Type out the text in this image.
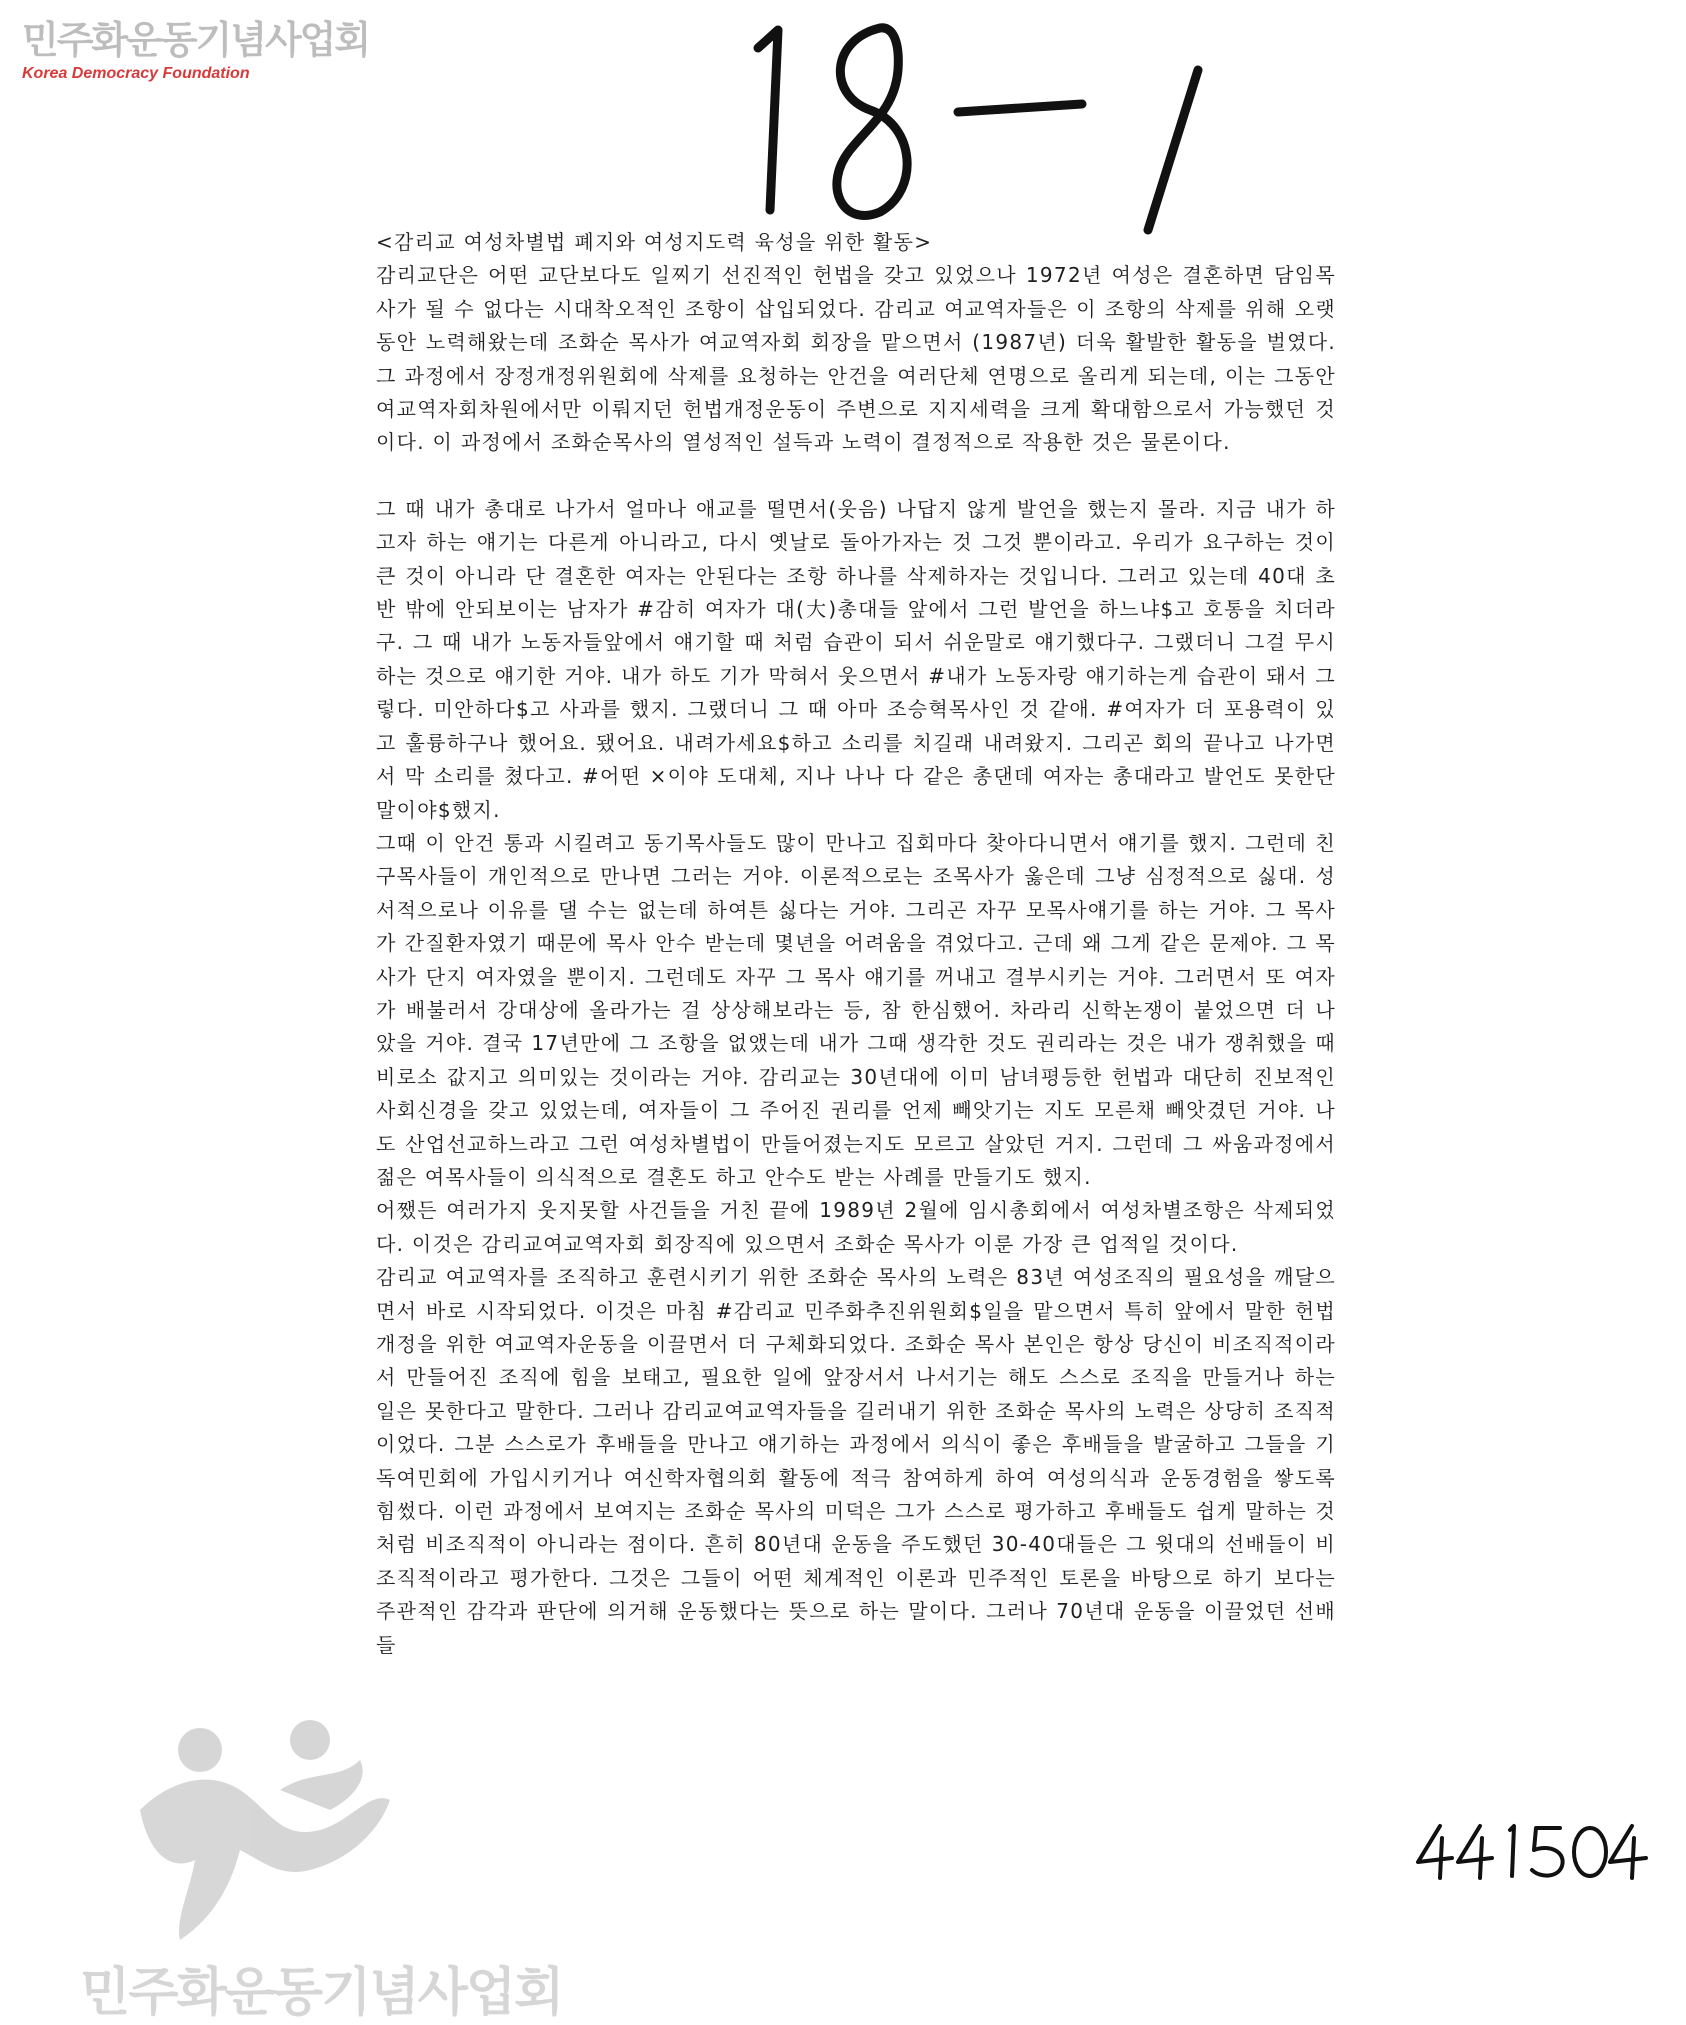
민주화운동기념사업회
Korea Democracy Foundation

<감리교 여성차별법 폐지와 여성지도력 육성을 위한 활동>

감리교단은 어떤 교단보다도 일찌기 선진적인 헌법을 갖고 있었으나 1972년 여성은 결혼하면 담임목사가 될 수 없다는 시대착오적인 조항이 삽입되었다. 감리교 여교역자들은 이 조항의 삭제를 위해 오랫동안 노력해왔는데 조화순 목사가 여교역자회 회장을 맡으면서 (1987년) 더욱 활발한 활동을 벌였다. 그 과정에서 장정개정위원회에 삭제를 요청하는 안건을 여러단체 연명으로 올리게 되는데, 이는 그동안 여교역자회차원에서만 이뤄지던 헌법개정운동이 주변으로 지지세력을 크게 확대함으로서 가능했던 것이다. 이 과정에서 조화순목사의 열성적인 설득과 노력이 결정적으로 작용한 것은 물론이다.

그 때 내가 총대로 나가서 얼마나 애교를 떨면서(웃음) 나답지 않게 발언을 했는지 몰라. 지금 내가 하고자 하는 얘기는 다른게 아니라고, 다시 옛날로 돌아가자는 것 그것 뿐이라고. 우리가 요구하는 것이 큰 것이 아니라 단 결혼한 여자는 안된다는 조항 하나를 삭제하자는 것입니다. 그러고 있는데 40대 초반 밖에 안되보이는 남자가 #감히 여자가 대(大)총대들 앞에서 그런 발언을 하느냐$고 호통을 치더라구. 그 때 내가 노동자들앞에서 얘기할 때 처럼 습관이 되서 쉬운말로 얘기했다구. 그랬더니 그걸 무시하는 것으로 얘기한 거야. 내가 하도 기가 막혀서 웃으면서 #내가 노동자랑 얘기하는게 습관이 돼서 그렇다. 미안하다$고 사과를 했지. 그랬더니 그 때 아마 조승혁목사인 것 같애. #여자가 더 포용력이 있고 훌륭하구나 했어요. 됐어요. 내려가세요$하고 소리를 치길래 내려왔지. 그리곤 회의 끝나고 나가면서 막 소리를 쳤다고. #어떤 ×이야 도대체, 지나 나나 다 같은 총댄데 여자는 총대라고 발언도 못한단 말이야$했지.

그때 이 안건 통과 시킬려고 동기목사들도 많이 만나고 집회마다 찾아다니면서 얘기를 했지. 그런데 친구목사들이 개인적으로 만나면 그러는 거야. 이론적으로는 조목사가 옳은데 그냥 심정적으로 싫대. 성서적으로나 이유를 댈 수는 없는데 하여튼 싫다는 거야. 그리곤 자꾸 모목사얘기를 하는 거야. 그 목사가 간질환자였기 때문에 목사 안수 받는데 몇년을 어려움을 겪었다고. 근데 왜 그게 같은 문제야. 그 목사가 단지 여자였을 뿐이지. 그런데도 자꾸 그 목사 얘기를 꺼내고 결부시키는 거야. 그러면서 또 여자가 배불러서 강대상에 올라가는 걸 상상해보라는 등, 참 한심했어. 차라리 신학논쟁이 붙었으면 더 나았을 거야. 결국 17년만에 그 조항을 없앴는데 내가 그때 생각한 것도 권리라는 것은 내가 쟁취했을 때 비로소 값지고 의미있는 것이라는 거야. 감리교는 30년대에 이미 남녀평등한 헌법과 대단히 진보적인 사회신경을 갖고 있었는데, 여자들이 그 주어진 권리를 언제 빼앗기는 지도 모른채 빼앗겼던 거야. 나도 산업선교하느라고 그런 여성차별법이 만들어졌는지도 모르고 살았던 거지. 그런데 그 싸움과정에서 젊은 여목사들이 의식적으로 결혼도 하고 안수도 받는 사례를 만들기도 했지.

어쨌든 여러가지 웃지못할 사건들을 거친 끝에 1989년 2월에 임시총회에서 여성차별조항은 삭제되었다. 이것은 감리교여교역자회 회장직에 있으면서 조화순 목사가 이룬 가장 큰 업적일 것이다.

감리교 여교역자를 조직하고 훈련시키기 위한 조화순 목사의 노력은 83년 여성조직의 필요성을 깨달으면서 바로 시작되었다. 이것은 마침 #감리교 민주화추진위원회$일을 맡으면서 특히 앞에서 말한 헌법개정을 위한 여교역자운동을 이끌면서 더 구체화되었다. 조화순 목사 본인은 항상 당신이 비조직적이라서 만들어진 조직에 힘을 보태고, 필요한 일에 앞장서서 나서기는 해도 스스로 조직을 만들거나 하는 일은 못한다고 말한다. 그러나 감리교여교역자들을 길러내기 위한 조화순 목사의 노력은 상당히 조직적이었다. 그분 스스로가 후배들을 만나고 얘기하는 과정에서 의식이 좋은 후배들을 발굴하고 그들을 기독여민회에 가입시키거나 여신학자협의회 활동에 적극 참여하게 하여 여성의식과 운동경험을 쌓도록 힘썼다. 이런 과정에서 보여지는 조화순 목사의 미덕은 그가 스스로 평가하고 후배들도 쉽게 말하는 것처럼 비조직적이 아니라는 점이다. 흔히 80년대 운동을 주도했던 30-40대들은 그 윗대의 선배들이 비조직적이라고 평가한다. 그것은 그들이 어떤 체계적인 이론과 민주적인 토론을 바탕으로 하기 보다는 주관적인 감각과 판단에 의거해 운동했다는 뜻으로 하는 말이다. 그러나 70년대 운동을 이끌었던 선배들

민주화운동기념사업회
